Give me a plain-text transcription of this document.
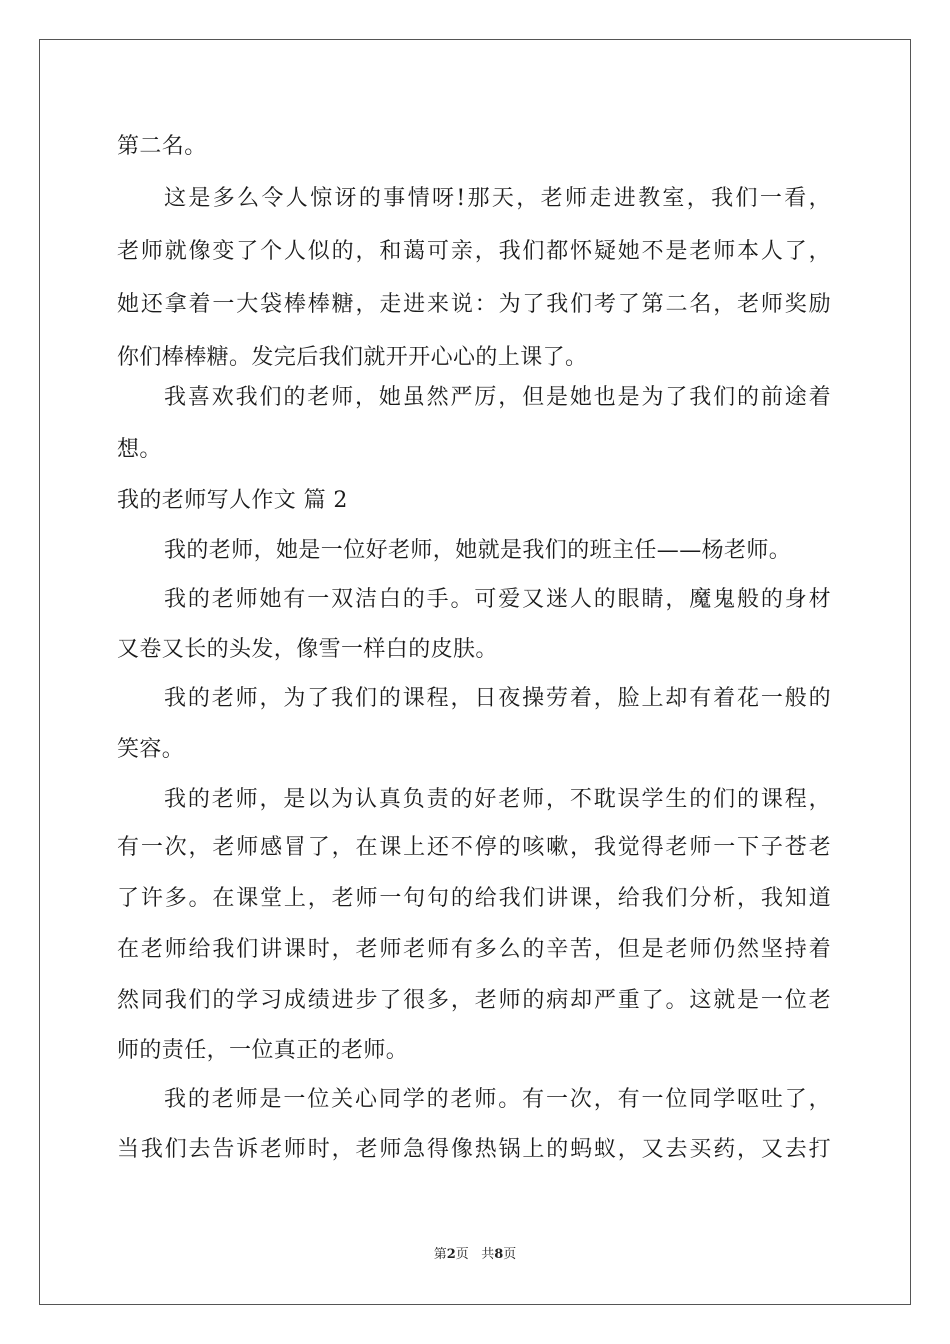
第二名。
这是多么令人惊讶的事情呀!那天，老师走进教室，我们一看，
老师就像变了个人似的，和蔼可亲，我们都怀疑她不是老师本人了，
她还拿着一大袋棒棒糖，走进来说：为了我们考了第二名，老师奖励
你们棒棒糖。发完后我们就开开心心的上课了。
我喜欢我们的老师，她虽然严厉，但是她也是为了我们的前途着
想。
我的老师写人作文 篇 2
我的老师，她是一位好老师，她就是我们的班主任——杨老师。
我的老师她有一双洁白的手。可爱又迷人的眼睛，魔鬼般的身材
又卷又长的头发，像雪一样白的皮肤。
我的老师，为了我们的课程，日夜操劳着，脸上却有着花一般的
笑容。
我的老师，是以为认真负责的好老师，不耽误学生的们的课程，
有一次，老师感冒了，在课上还不停的咳嗽，我觉得老师一下子苍老
了许多。在课堂上，老师一句句的给我们讲课，给我们分析，我知道
在老师给我们讲课时，老师老师有多么的辛苦，但是老师仍然坚持着
然同我们的学习成绩进步了很多，老师的病却严重了。这就是一位老
师的责任，一位真正的老师。
我的老师是一位关心同学的老师。有一次，有一位同学呕吐了，
当我们去告诉老师时，老师急得像热锅上的蚂蚁，又去买药，又去打
第2页 共8页
